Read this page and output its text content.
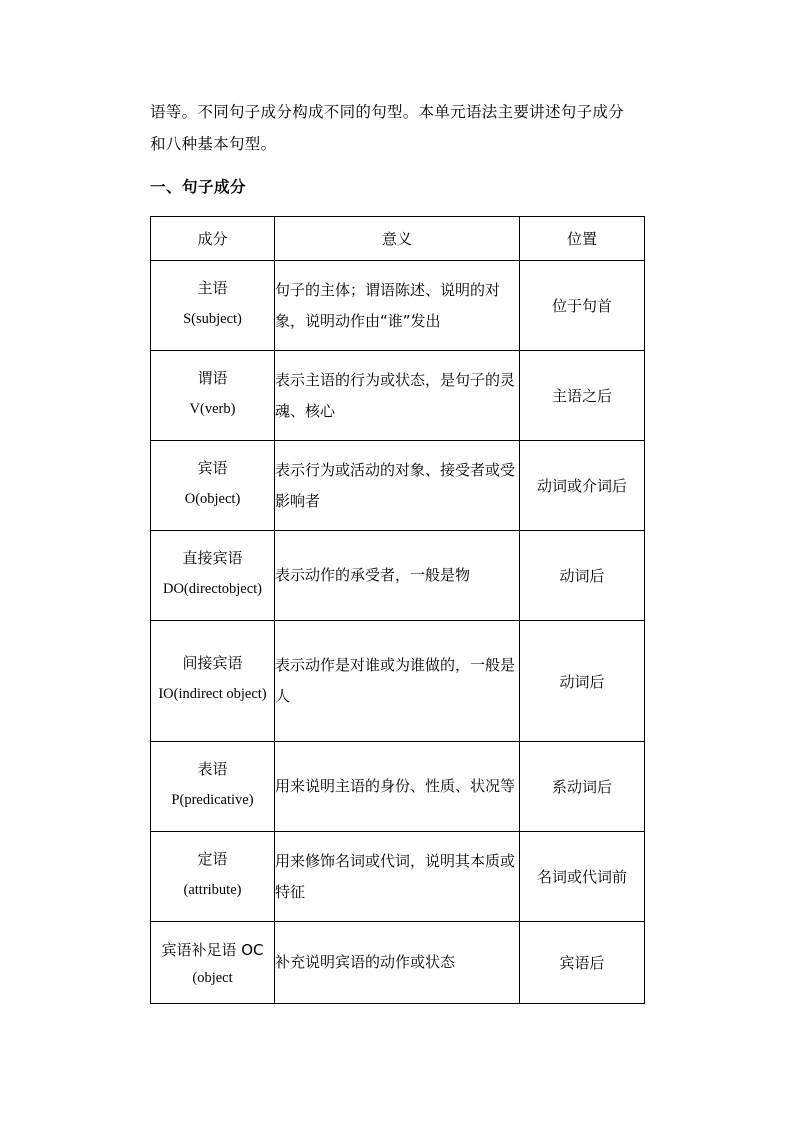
语等。不同句子成分构成不同的句型。本单元语法主要讲述句子成分
和八种基本句型。
一、句子成分
成分	意义	位置

主语
S(subject)	句子的主体；谓语陈述、说明的对象，说明动作由“谁”发出	位于句首

谓语
V(verb)	表示主语的行为或状态，是句子的灵魂、核心	主语之后

宾语
O(object)	表示行为或活动的对象、接受者或受影响者	动词或介词后

直接宾语
DO(directobject)	表示动作的承受者，一般是物	动词后

间接宾语
IO(indirect object)	表示动作是对谁或为谁做的，一般是人	动词后

表语
P(predicative)	用来说明主语的身份、性质、状况等	系动词后

定语
(attribute)	用来修饰名词或代词，说明其本质或特征	名词或代词前

宾语补足语 OC
(object	补充说明宾语的动作或状态	宾语后
